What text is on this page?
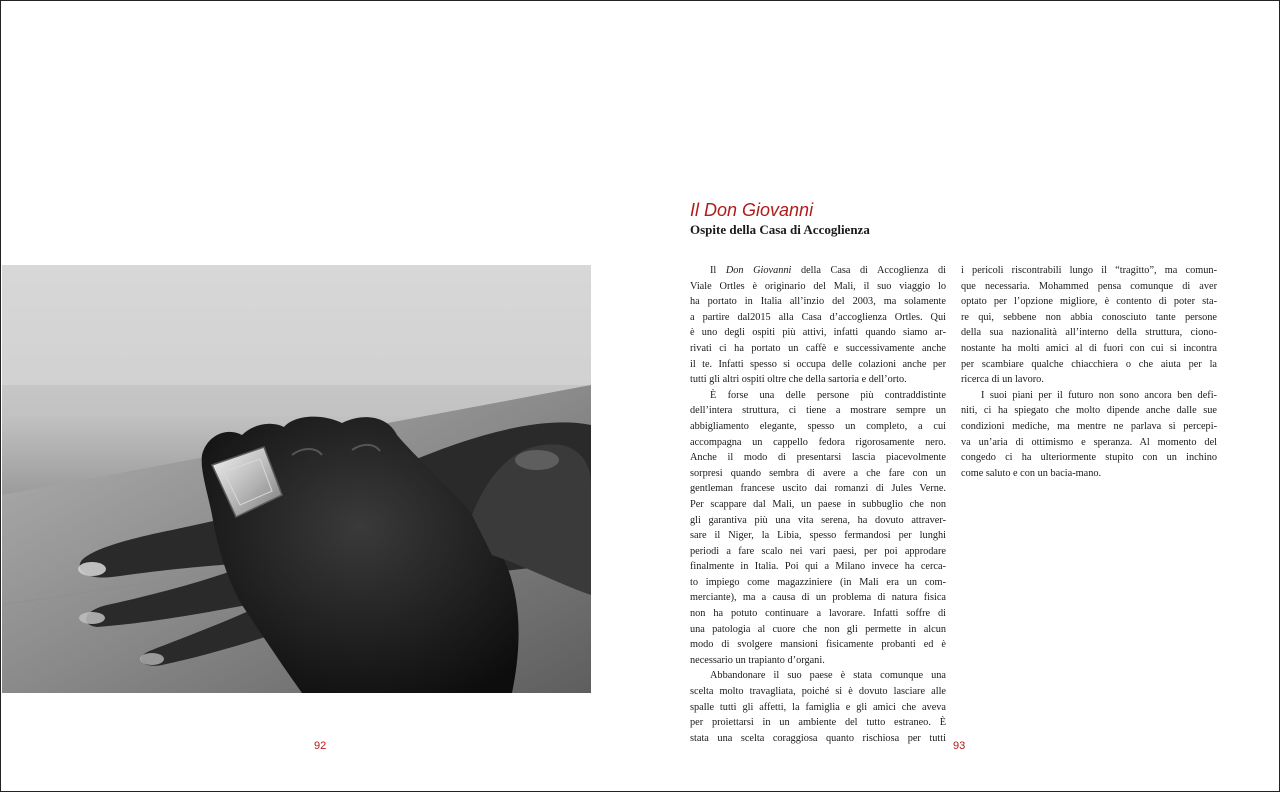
Il Don Giovanni
Ospite della Casa di Accoglienza
Il Don Giovanni della Casa di Accoglienza di
Viale Ortles è originario del Mali, il suo viaggio lo
ha portato in Italia all’inzio del 2003, ma solamente
a partire dal2015 alla Casa d’accoglienza Ortles. Qui
è uno degli ospiti più attivi, infatti quando siamo ar-
rivati ci ha portato un caffè e successivamente anche
il te. Infatti spesso si occupa delle colazioni anche per
tutti gli altri ospiti oltre che della sartoria e dell’orto.
È forse una delle persone più contraddistinte
dell’intera struttura, ci tiene a mostrare sempre un
abbigliamento elegante, spesso un completo, a cui
accompagna un cappello fedora rigorosamente nero.
Anche il modo di presentarsi lascia piacevolmente
sorpresi quando sembra di avere a che fare con un
gentleman francese uscito dai romanzi di Jules Verne.
Per scappare dal Mali, un paese in subbuglio che non
gli garantiva più una vita serena, ha dovuto attraver-
sare il Niger, la Libia, spesso fermandosi per lunghi
periodi a fare scalo nei vari paesi, per poi approdare
finalmente in Italia. Poi qui a Milano invece ha cerca-
to impiego come magazziniere (in Mali era un com-
merciante), ma a causa di un problema di natura fisica
non ha potuto continuare a lavorare. Infatti soffre di
una patologia al cuore che non gli permette in alcun
modo di svolgere mansioni fisicamente probanti ed è
necessario un trapianto d’organi.
Abbandonare il suo paese è stata comunque una
scelta molto travagliata, poiché si è dovuto lasciare alle
spalle tutti gli affetti, la famiglia e gli amici che aveva
per proiettarsi in un ambiente del tutto estraneo. È
stata una scelta coraggiosa quanto rischiosa per tutti
i pericoli riscontrabili lungo il “tragitto”, ma comun-
que necessaria. Mohammed pensa comunque di aver
optato per l’opzione migliore, è contento di poter sta-
re qui, sebbene non abbia conosciuto tante persone
della sua nazionalità all’interno della struttura, ciono-
nostante ha molti amici al di fuori con cui si incontra
per scambiare qualche chiacchiera o che aiuta per la
ricerca di un lavoro.
I suoi piani per il futuro non sono ancora ben defi-
niti, ci ha spiegato che molto dipende anche dalle sue
condizioni mediche, ma mentre ne parlava si percepi-
va un’aria di ottimismo e speranza. Al momento del
congedo ci ha ulteriormente stupito con un inchino
come saluto e con un bacia-mano.
92	93
